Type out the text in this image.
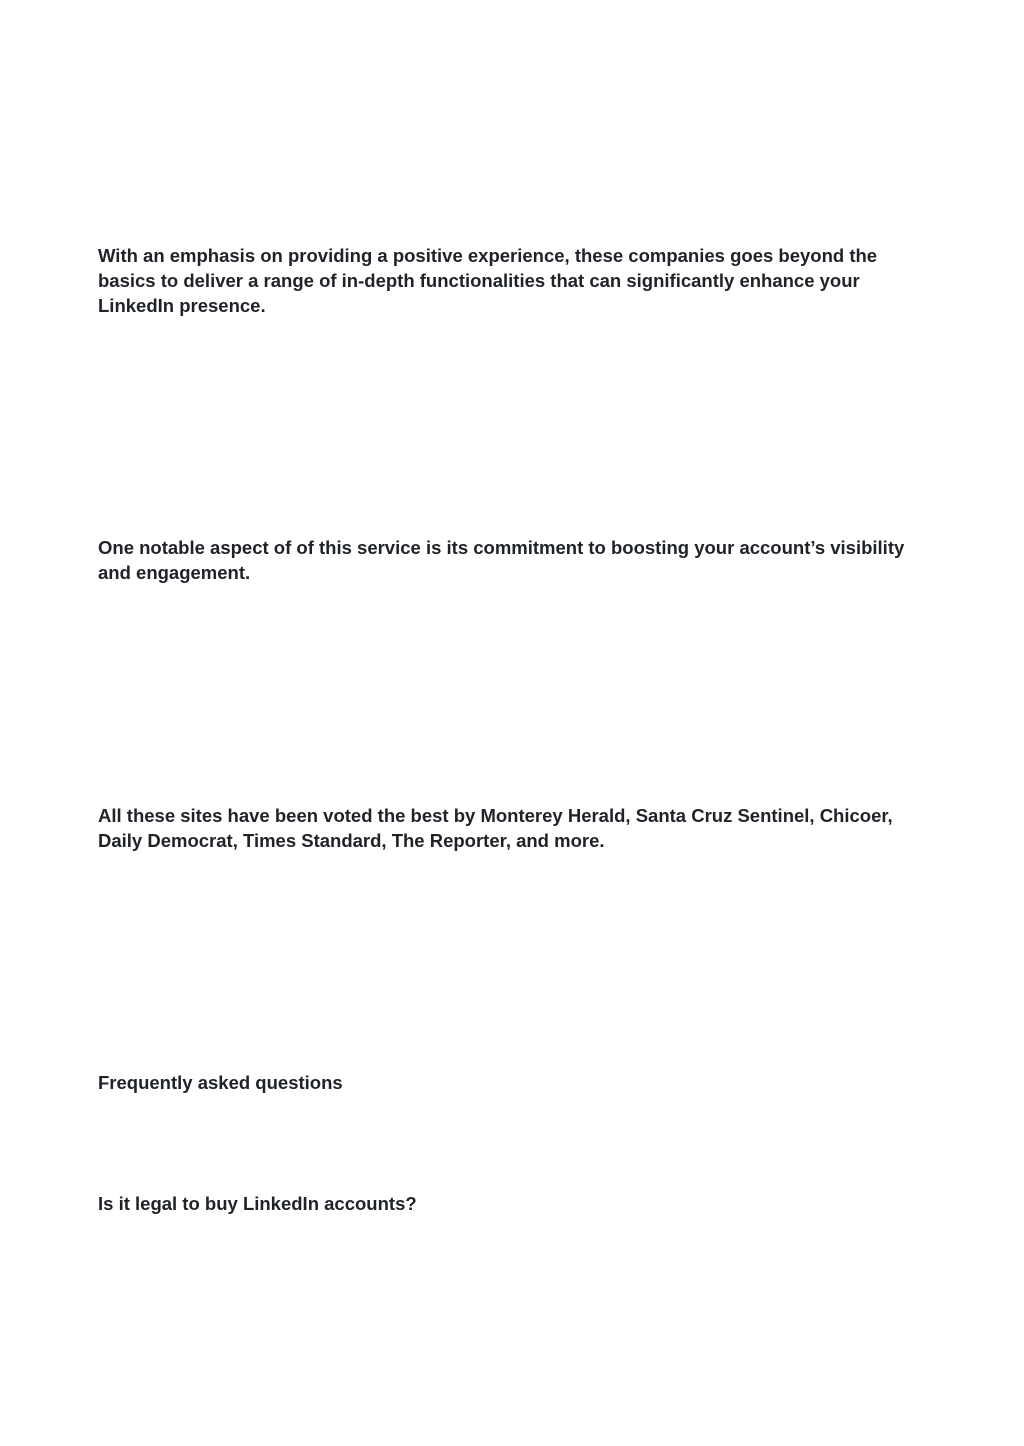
With an emphasis on providing a positive experience, these companies goes beyond the basics to deliver a range of in-depth functionalities that can significantly enhance your LinkedIn presence.

One notable aspect of of this service is its commitment to boosting your account’s visibility and engagement.

All these sites have been voted the best by Monterey Herald, Santa Cruz Sentinel, Chicoer, Daily Democrat, Times Standard, The Reporter, and more.

Frequently asked questions
Is it legal to buy LinkedIn accounts?
